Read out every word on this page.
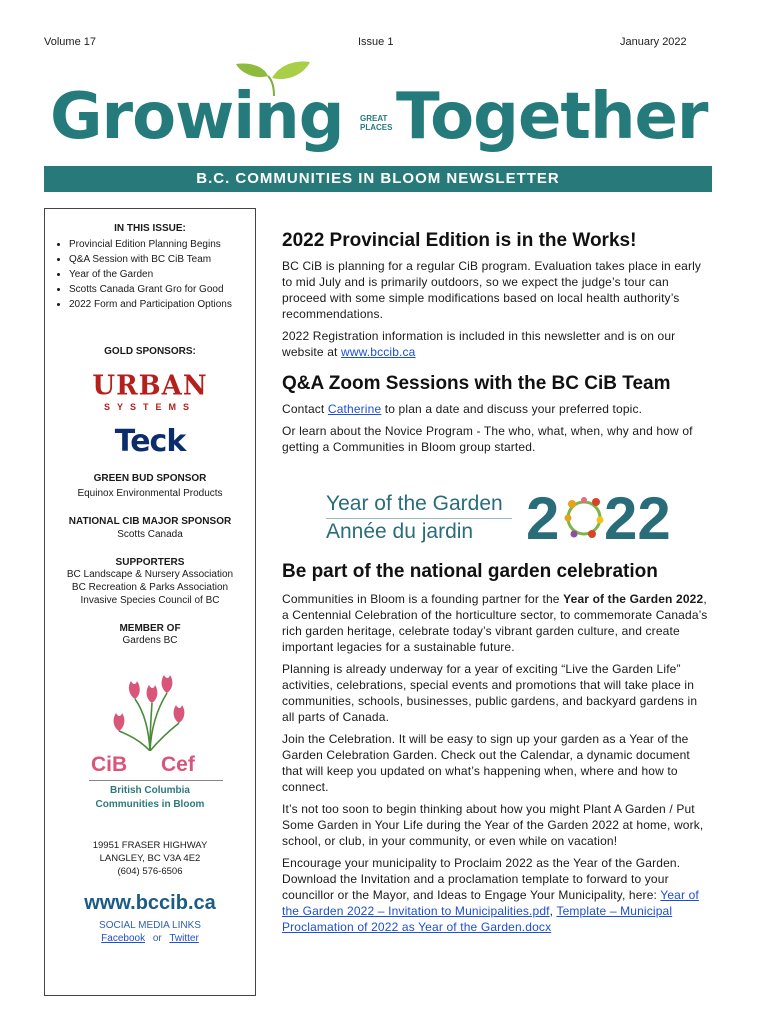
Volume 17	Issue 1	January 2022
Growing GREAT
PLACES Together
B.C. COMMUNITIES IN BLOOM NEWSLETTER
IN THIS ISSUE:
• Provincial Edition Planning Begins
• Q&A Session with BC CiB Team
• Year of the Garden
• Scotts Canada Grant Gro for Good
• 2022 Form and Participation Options
GOLD SPONSORS:
URBAN
SYSTEMS
Teck
GREEN BUD SPONSOR
Equinox Environmental Products
NATIONAL CIB MAJOR SPONSOR
Scotts Canada
SUPPORTERS
BC Landscape & Nursery Association
BC Recreation & Parks Association
Invasive Species Council of BC
MEMBER OF
Gardens BC
CiB Cef
British Columbia
Communities in Bloom
19951 FRASER HIGHWAY
LANGLEY, BC V3A 4E2
(604) 576-6506
www.bccib.ca
SOCIAL MEDIA LINKS
Facebook or Twitter
2022 Provincial Edition is in the Works!

BC CiB is planning for a regular CiB program. Evaluation takes place in early to mid July and is primarily outdoors, so we expect the judge’s tour can proceed with some simple modifications based on local health authority’s recommendations.

2022 Registration information is included in this newsletter and is on our website at www.bccib.ca

Q&A Zoom Sessions with the BC CiB Team

Contact Catherine to plan a date and discuss your preferred topic.

Or learn about the Novice Program - The who, what, when, why and how of getting a Communities in Bloom group started.

Year of the Garden
Année du jardin 2 22
Be part of the national garden celebration

Communities in Bloom is a founding partner for the Year of the Garden 2022, a Centennial Celebration of the horticulture sector, to commemorate Canada’s rich garden heritage, celebrate today’s vibrant garden culture, and create important legacies for a sustainable future.

Planning is already underway for a year of exciting “Live the Garden Life” activities, celebrations, special events and promotions that will take place in communities, schools, businesses, public gardens, and backyard gardens in all parts of Canada.

Join the Celebration. It will be easy to sign up your garden as a Year of the Garden Celebration Garden. Check out the Calendar, a dynamic document that will keep you updated on what’s happening when, where and how to connect.

It’s not too soon to begin thinking about how you might Plant A Garden / Put Some Garden in Your Life during the Year of the Garden 2022 at home, work, school, or club, in your community, or even while on vacation!

Encourage your municipality to Proclaim 2022 as the Year of the Garden. Download the Invitation and a proclamation template to forward to your councillor or the Mayor, and Ideas to Engage Your Municipality, here: Year of the Garden 2022 – Invitation to Municipalities.pdf, Template – Municipal Proclamation of 2022 as Year of the Garden.docx
